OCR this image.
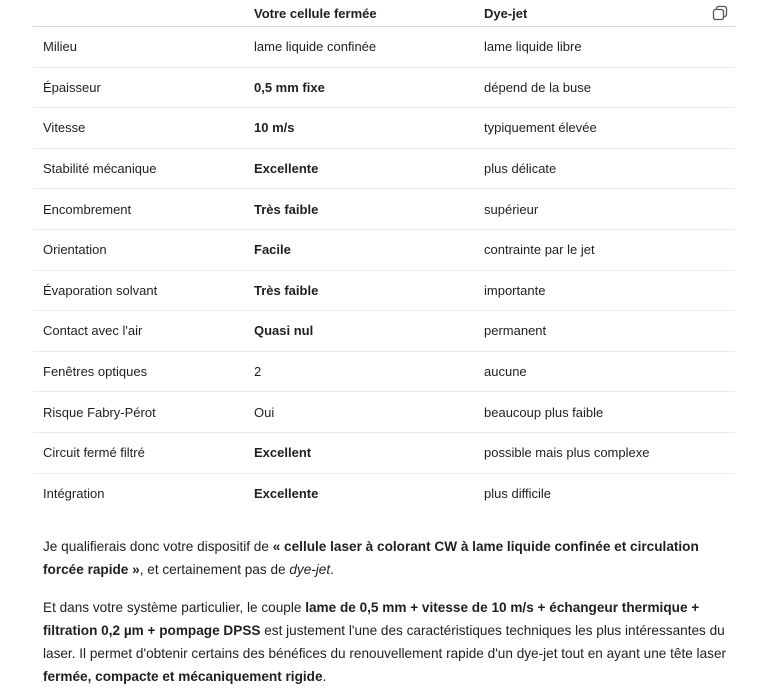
	Votre cellule fermée	Dye-jet

Milieu	lame liquide confinée	lame liquide libre
Épaisseur	0,5 mm fixe	dépend de la buse
Vitesse	10 m/s	typiquement élevée
Stabilité mécanique	Excellente	plus délicate
Encombrement	Très faible	supérieur
Orientation	Facile	contrainte par le jet
Évaporation solvant	Très faible	importante
Contact avec l'air	Quasi nul	permanent
Fenêtres optiques	2	aucune
Risque Fabry-Pérot	Oui	beaucoup plus faible
Circuit fermé filtré	Excellent	possible mais plus complexe
Intégration	Excellente	plus difficile

Je qualifierais donc votre dispositif de « cellule laser à colorant CW à lame liquide confinée et circulation forcée rapide », et certainement pas de dye-jet.

Et dans votre système particulier, le couple lame de 0,5 mm + vitesse de 10 m/s + échangeur thermique + filtration 0,2 µm + pompage DPSS est justement l'une des caractéristiques techniques les plus intéressantes du laser. Il permet d'obtenir certains des bénéfices du renouvellement rapide d'un dye-jet tout en ayant une tête laser fermée, compacte et mécaniquement rigide.
